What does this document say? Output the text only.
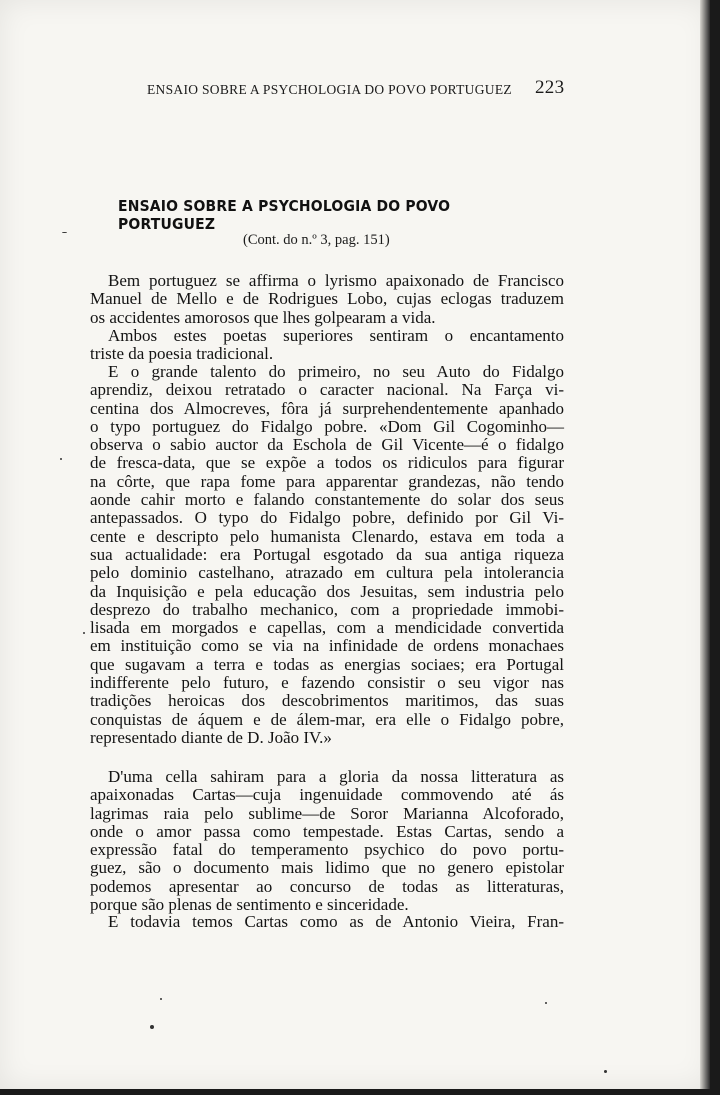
ENSAIO SOBRE A PSYCHOLOGIA DO POVO PORTUGUEZ 223
ENSAIO SOBRE A PSYCHOLOGIA DO POVO PORTUGUEZ
(Cont. do n.º 3, pag. 151)
Bem portuguez se affirma o lyrismo apaixonado de Francisco
Manuel de Mello e de Rodrigues Lobo, cujas eclogas traduzem
os accidentes amorosos que lhes golpearam a vida.
Ambos estes poetas superiores sentiram o encantamento
triste da poesia tradicional.
E o grande talento do primeiro, no seu Auto do Fidalgo
aprendiz, deixou retratado o caracter nacional. Na Farça vi-
centina dos Almocreves, fôra já surprehendentemente apanhado
o typo portuguez do Fidalgo pobre. «Dom Gil Cogominho—
observa o sabio auctor da Eschola de Gil Vicente—é o fidalgo
de fresca-data, que se expõe a todos os ridiculos para figurar
na côrte, que rapa fome para apparentar grandezas, não tendo
aonde cahir morto e falando constantemente do solar dos seus
antepassados. O typo do Fidalgo pobre, definido por Gil Vi-
cente e descripto pelo humanista Clenardo, estava em toda a
sua actualidade: era Portugal esgotado da sua antiga riqueza
pelo dominio castelhano, atrazado em cultura pela intolerancia
da Inquisição e pela educação dos Jesuitas, sem industria pelo
desprezo do trabalho mechanico, com a propriedade immobi-
lisada em morgados e capellas, com a mendicidade convertida
em instituição como se via na infinidade de ordens monachaes
que sugavam a terra e todas as energias sociaes; era Portugal
indifferente pelo futuro, e fazendo consistir o seu vigor nas
tradições heroicas dos descobrimentos maritimos, das suas
conquistas de áquem e de álem-mar, era elle o Fidalgo pobre,
representado diante de D. João IV.»
D'uma cella sahiram para a gloria da nossa litteratura as
apaixonadas Cartas—cuja ingenuidade commovendo até ás
lagrimas raia pelo sublime—de Soror Marianna Alcoforado,
onde o amor passa como tempestade. Estas Cartas, sendo a
expressão fatal do temperamento psychico do povo portu-
guez, são o documento mais lidimo que no genero epistolar
podemos apresentar ao concurso de todas as litteraturas,
porque são plenas de sentimento e sinceridade.
E todavia temos Cartas como as de Antonio Vieira, Fran-
